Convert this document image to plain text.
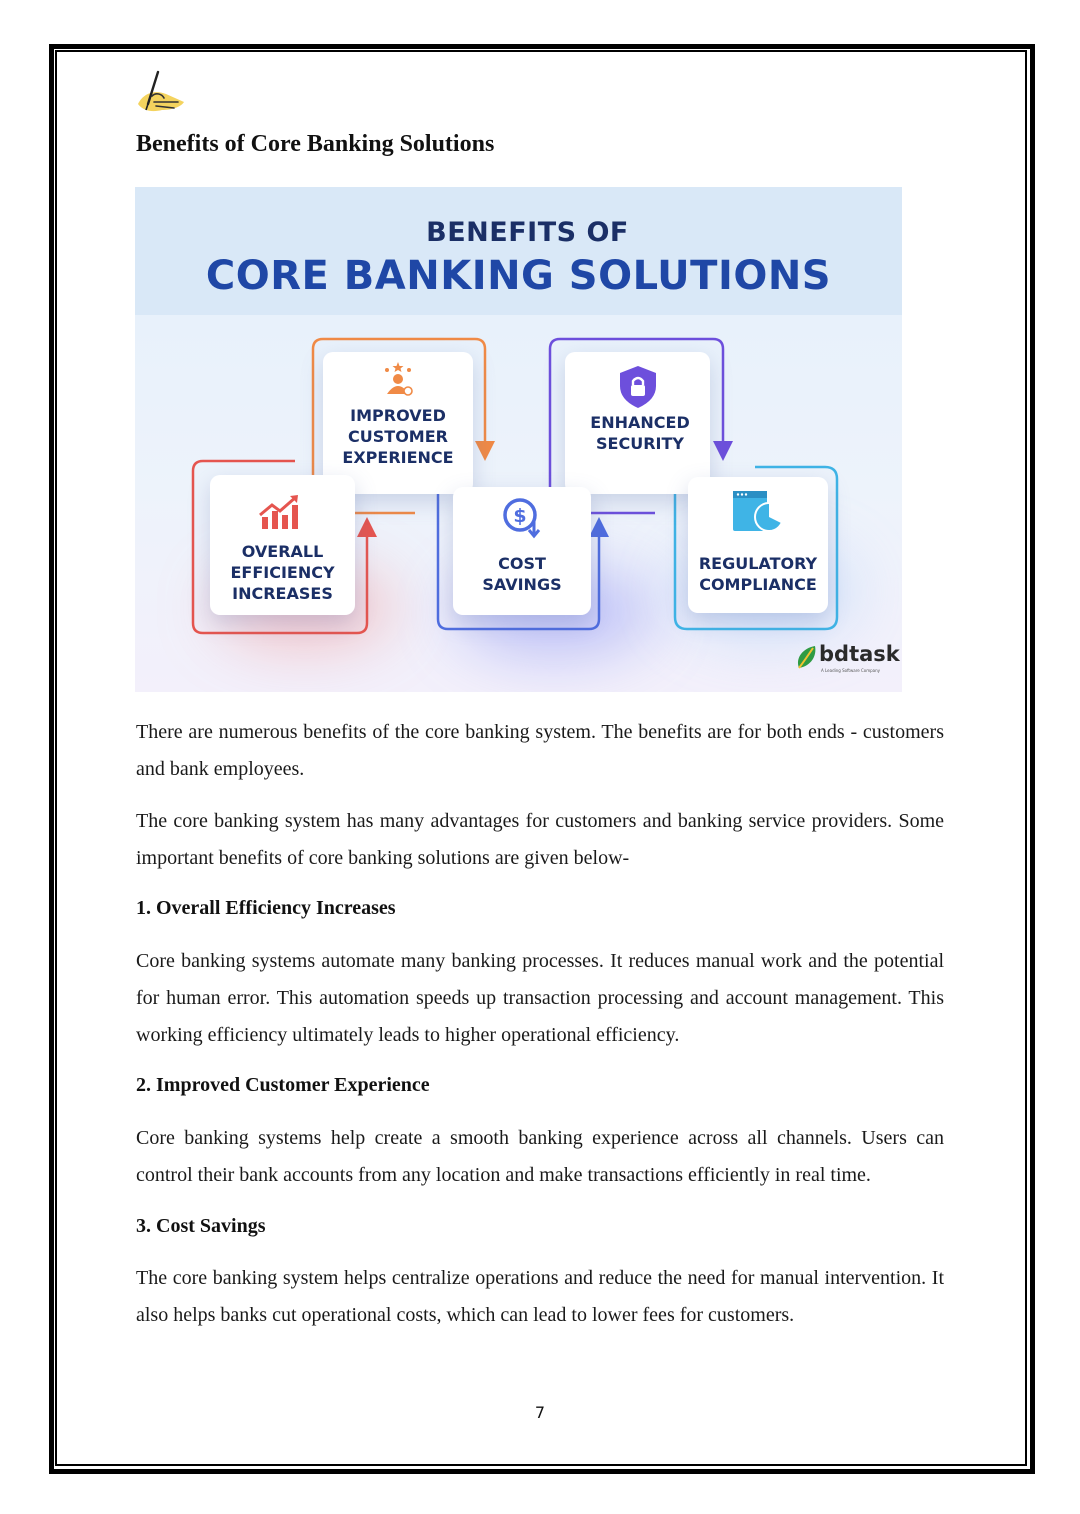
Benefits of Core Banking Solutions
BENEFITS OF
CORE BANKING SOLUTIONS
IMPROVED
CUSTOMER
EXPERIENCE
ENHANCED
SECURITY
OVERALL
EFFICIENCY
INCREASES
$
COST
SAVINGS
REGULATORY
COMPLIANCE
bdtask
A Leading Software Company

There are numerous benefits of the core banking system. The benefits are for both ends - customers and bank employees.

The core banking system has many advantages for customers and banking service providers. Some important benefits of core banking solutions are given below-

1. Overall Efficiency Increases

Core banking systems automate many banking processes. It reduces manual work and the potential for human error. This automation speeds up transaction processing and account management. This working efficiency ultimately leads to higher operational efficiency.

2. Improved Customer Experience

Core banking systems help create a smooth banking experience across all channels. Users can control their bank accounts from any location and make transactions efficiently in real time.

3. Cost Savings

The core banking system helps centralize operations and reduce the need for manual intervention. It also helps banks cut operational costs, which can lead to lower fees for customers.

7
